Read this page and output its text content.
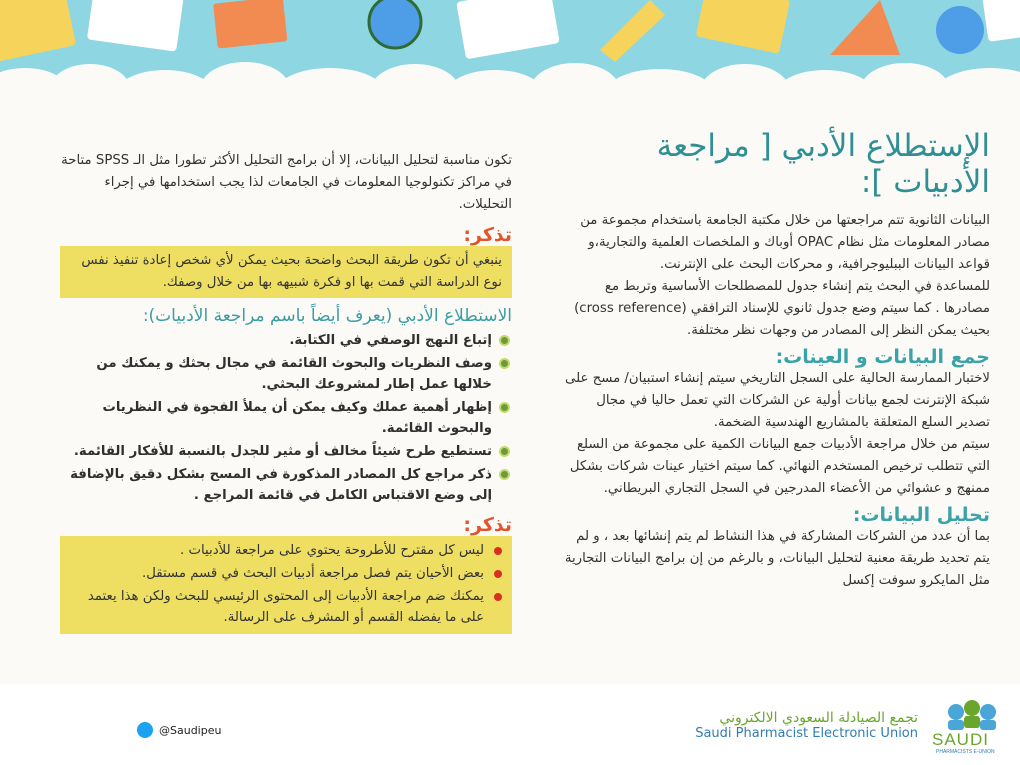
الإستطلاع الأدبي [ مراجعة الأدبيات ]:

البيانات الثانوية تتم مراجعتها من خلال مكتبة الجامعة باستخدام مجموعة من مصادر المعلومات مثل نظام OPAC أوباك و الملخصات العلمية والتجارية،و قواعد البيانات الببليوجرافية، و محركات البحث على الإنترنت.

للمساعدة في البحث يتم إنشاء جدول للمصطلحات الأساسية وتربط مع مصادرها . كما سيتم وضع جدول ثانوي للإسناد الترافقي (cross reference) بحيث يمكن النظر إلى المصادر من وجهات نظر مختلفة.

جمع البيانات و العينات:

لاختبار الممارسة الحالية على السجل التاريخي سيتم إنشاء استبيان/ مسح على شبكة الإنترنت لجمع بيانات أولية عن الشركات التي تعمل حاليا في مجال تصدير السلع المتعلقة بالمشاريع الهندسية الضخمة.

سيتم من خلال مراجعة الأدبيات جمع البيانات الكمية على مجموعة من السلع التي تتطلب ترخيص المستخدم النهائي. كما سيتم اختيار عينات شركات بشكل ممنهج و عشوائي من الأعضاء المدرجين في السجل التجاري البريطاني.

تحليل البيانات:

بما أن عدد من الشركات المشاركة في هذا النشاط لم يتم إنشائها بعد ، و لم يتم تحديد طريقة معنية لتحليل البيانات، و بالرغم من إن برامج البيانات التجارية مثل المايكرو سوفت إكسل

تكون مناسبة لتحليل البيانات، إلا أن برامج التحليل الأكثر تطورا مثل الـ SPSS متاحة في مراكز تكنولوجيا المعلومات في الجامعات لذا يجب استخدامها في إجراء التحليلات.

تذكر:

ينبغي أن تكون طريقة البحث واضحة بحيث يمكن لأي شخص إعادة تنفيذ نفس نوع الدراسة التي قمت بها او فكرة شبيهه بها من خلال وصفك.

الاستطلاع الأدبي (يعرف أيضاً باسم مراجعة الأدبيات):

إتباع النهج الوصفي في الكتابة.
وصف النظريات والبحوث القائمة في مجال بحثك و يمكنك من خلالها عمل إطار لمشروعك البحثي.
إظهار أهمية عملك وكيف يمكن أن يملأ الفجوة في النظريات والبحوث القائمة.
تستطيع طرح شيئاً مخالف أو مثير للجدل بالنسبة للأفكار القائمة.
ذكر مراجع كل المصادر المذكورة في المسح بشكل دقيق بالإضافة إلى وضع الاقتباس الكامل في قائمة المراجع .

تذكر:

ليس كل مقترح للأطروحة يحتوي على مراجعة للأدبيات .
بعض الأحيان يتم فصل مراجعة أدبيات البحث في قسم مستقل.
يمكنك ضم مراجعة الأدبيات إلى المحتوى الرئيسي للبحث ولكن هذا يعتمد على ما يفضله القسم أو المشرف على الرسالة.
@Saudipeu
تجمع الصيادلة السعودي الالكتروني
Saudi Pharmacist Electronic Union SAUDI
PHARMACISTS E-UNION
